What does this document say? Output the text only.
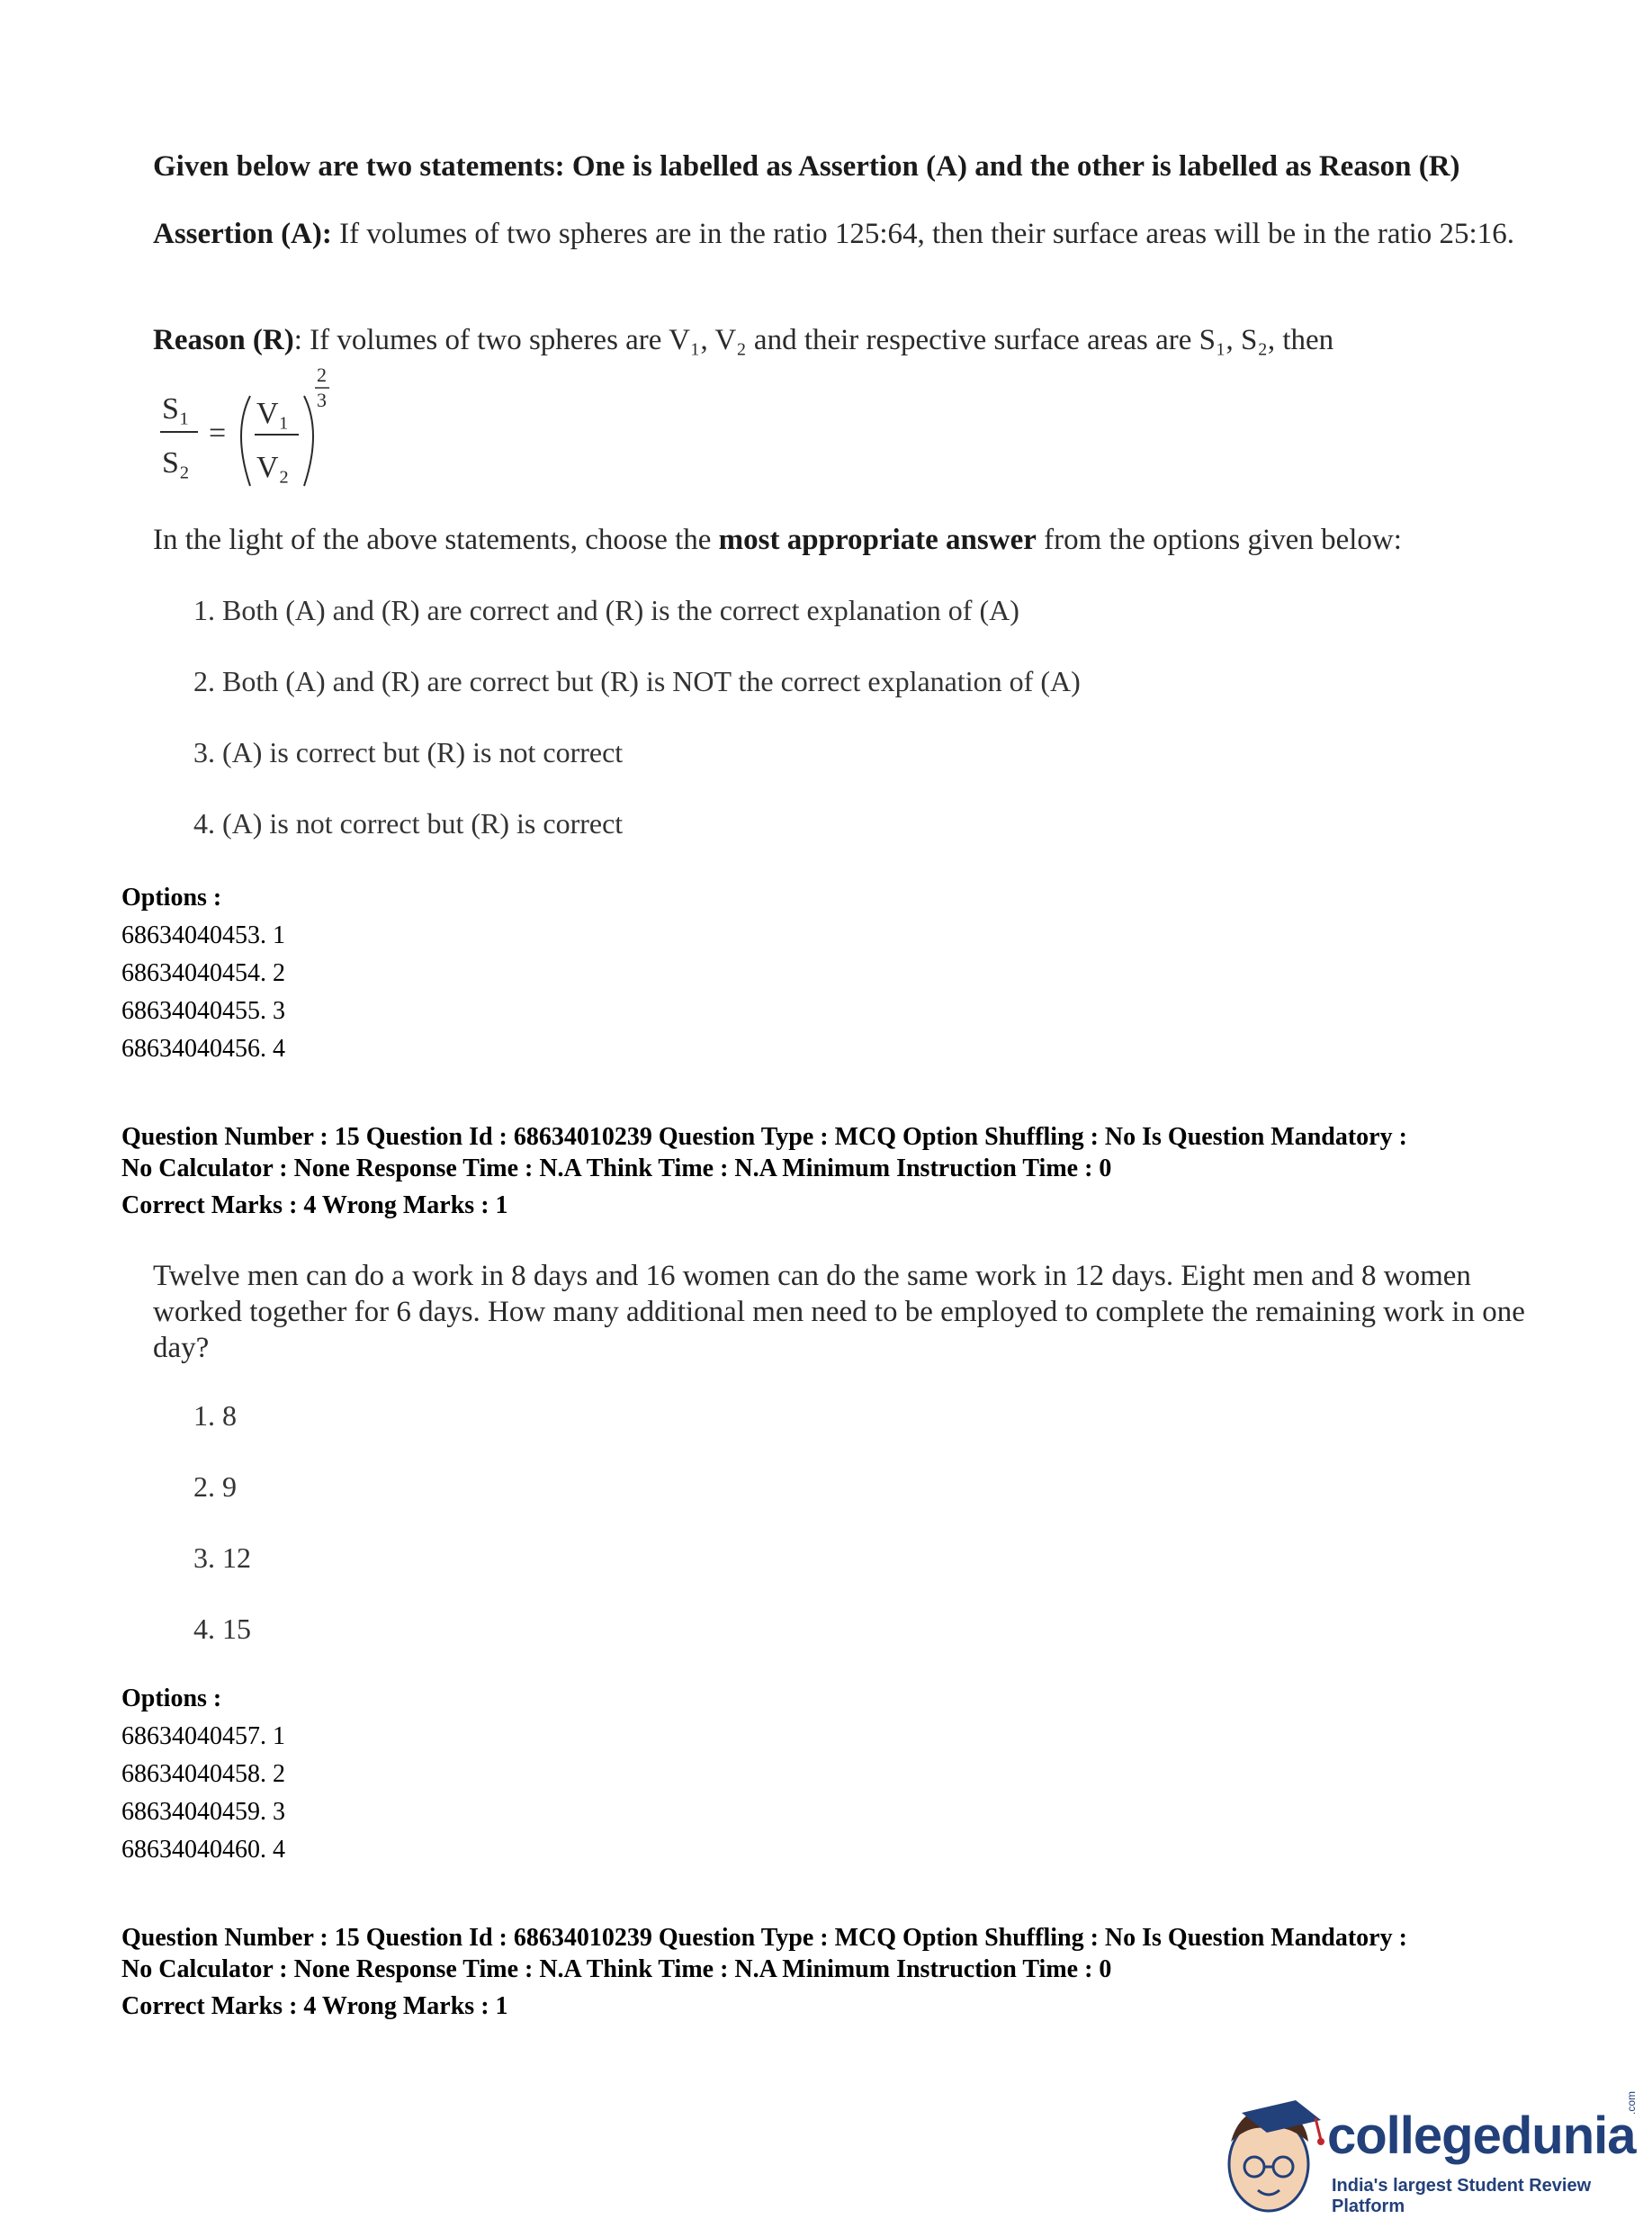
Given below are two statements: One is labelled as Assertion (A) and the other is labelled as Reason (R)

Assertion (A): If volumes of two spheres are in the ratio 125:64, then their surface areas will be in the ratio 25:16.

Reason (R): If volumes of two spheres are V₁, V₂ and their respective surface areas are S₁, S₂, then

S₁
S₂
=
V₁
V₂
2
3

In the light of the above statements, choose the most appropriate answer from the options given below:

1. Both (A) and (R) are correct and (R) is the correct explanation of (A)
2. Both (A) and (R) are correct but (R) is NOT the correct explanation of (A)
3. (A) is correct but (R) is not correct
4. (A) is not correct but (R) is correct
Options :
68634040453. 1
68634040454. 2
68634040455. 3
68634040456. 4
Question Number : 15 Question Id : 68634010239 Question Type : MCQ Option Shuffling : No Is Question Mandatory :
No Calculator : None Response Time : N.A Think Time : N.A Minimum Instruction Time : 0
Correct Marks : 4 Wrong Marks : 1

Twelve men can do a work in 8 days and 16 women can do the same work in 12 days. Eight men and 8 women worked together for 6 days. How many additional men need to be employed to complete the remaining work in one day?

1. 8
2. 9
3. 12
4. 15
Options :
68634040457. 1
68634040458. 2
68634040459. 3
68634040460. 4
Question Number : 15 Question Id : 68634010239 Question Type : MCQ Option Shuffling : No Is Question Mandatory :
No Calculator : None Response Time : N.A Think Time : N.A Minimum Instruction Time : 0
Correct Marks : 4 Wrong Marks : 1
collegedunia
India's largest Student Review Platform
.com
